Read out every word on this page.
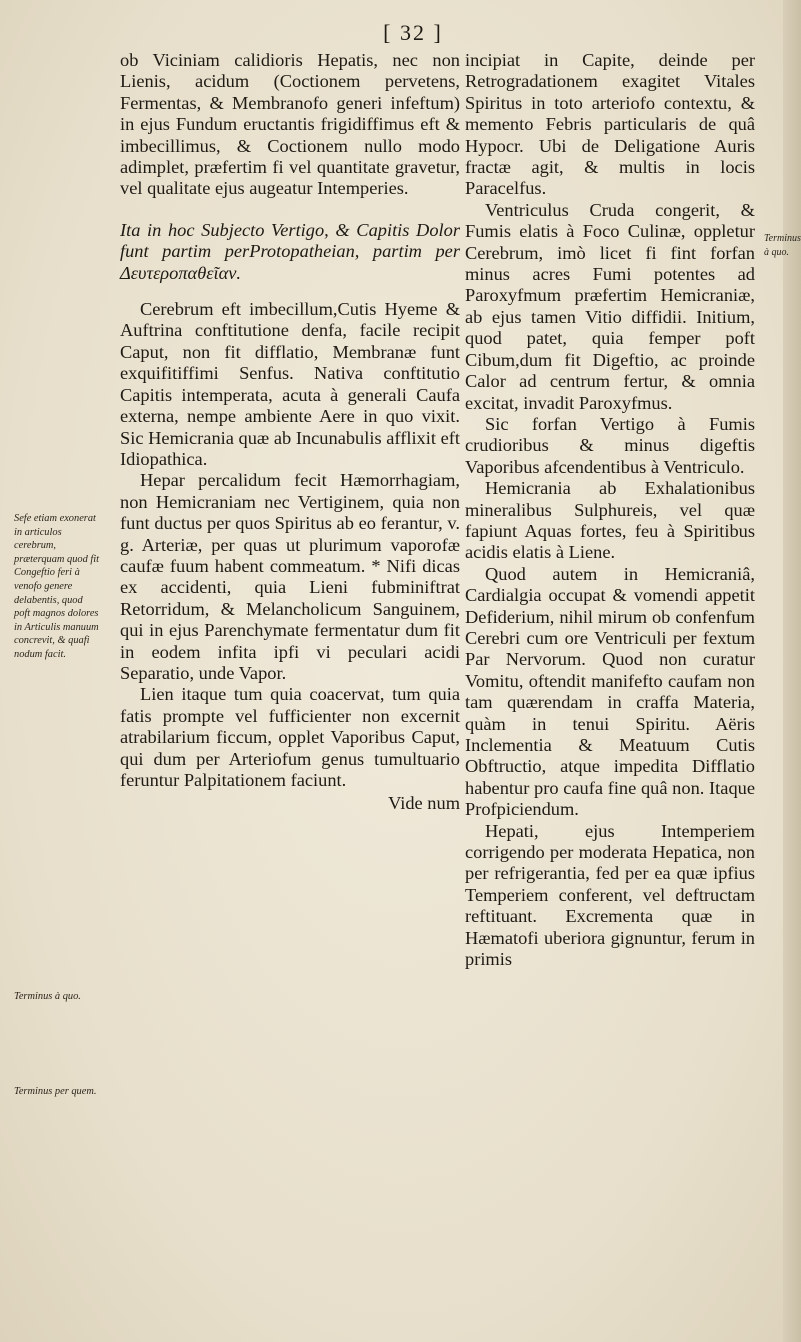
[ 32 ]

ob Viciniam calidioris Hepatis, nec non Lienis, acidum (Coctionem pervetens, Fermentas, & Membranofo generi infeftum) in ejus Fundum eructantis frigidiffimus eft & imbecillimus, & Coctionem nullo modo adimplet, præfertim fi vel quantitate gravetur, vel qualitate ejus augeatur Intemperies.

Ita in hoc Subjecto Vertigo, & Capitis Dolor funt partim perProtopatheian, partim per Δευτεροπαθεῖαν.

Cerebrum eft imbecillum,Cutis Hyeme & Auftrina conftitutione denfa, facile recipit Caput, non fit difflatio, Membranæ funt exquifitiffimi Senfus. Nativa conftitutio Capitis intemperata, acuta à generali Caufa externa, nempe ambiente Aere in quo vixit. Sic Hemicrania quæ ab Incunabulis afflixit eft Idiopathica.

Hepar percalidum fecit Hæmorrhagiam, non Hemicraniam nec Vertiginem, quia non funt ductus per quos Spiritus ab eo ferantur, v. g. Arteriæ, per quas ut plurimum vaporofæ caufæ fuum habent commeatum. * Nifi dicas ex accidenti, quia Lieni fubminiftrat Retorridum, & Melancholicum Sanguinem, qui in ejus Parenchymate fermentatur dum fit in eodem infita ipfi vi peculari acidi Separatio, unde Vapor.

Lien itaque tum quia coacervat, tum quia fatis prompte vel fufficienter non excernit atrabilarium ficcum, opplet Vaporibus Caput, qui dum per Arteriofum genus tumultuario feruntur Palpitationem faciunt.

Vide num

incipiat in Capite, deinde per Retrogradationem exagitet Vitales Spiritus in toto arteriofo contextu, & memento Febris particularis de quâ Hypocr. Ubi de Deligatione Auris fractæ agit, & multis in locis Paracelfus.

Ventriculus Cruda congerit, & Fumis elatis à Foco Culinæ, oppletur Cerebrum, imò licet fi fint forfan minus acres Fumi potentes ad Paroxyfmum præfertim Hemicraniæ, ab ejus tamen Vitio diffidii. Initium, quod patet, quia femper poft Cibum,dum fit Digeftio, ac proinde Calor ad centrum fertur, & omnia excitat, invadit Paroxyfmus.

Sic forfan Vertigo à Fumis crudioribus & minus digeftis Vaporibus afcendentibus à Ventriculo.

Hemicrania ab Exhalationibus mineralibus Sulphureis, vel quæ fapiunt Aquas fortes, feu à Spiritibus acidis elatis à Liene.

Quod autem in Hemicraniâ, Cardialgia occupat & vomendi appetit Defiderium, nihil mirum ob confenfum Cerebri cum ore Ventriculi per fextum Par Nervorum. Quod non curatur Vomitu, oftendit manifefto caufam non tam quærendam in craffa Materia, quàm in tenui Spiritu. Aëris Inclementia & Meatuum Cutis Obftructio, atque impedita Difflatio habentur pro caufa fine quâ non. Itaque Profpiciendum.

Hepati, ejus Intemperiem corrigendo per moderata Hepatica, non per refrigerantia, fed per ea quæ ipfius Temperiem conferent, vel deftructam reftituant. Excrementa quæ in Hæmatofi uberiora gignuntur, ferum in primis

Sefe etiam exonerat in articulos cerebrum, præterquam quod fit Congeftio feri à venofo genere delabentis, quod poft magnos dolores in Articulis manuum concrevit, & quafi nodum facit.
Terminus à quo.
Terminus per quem.
Terminus à quo.
